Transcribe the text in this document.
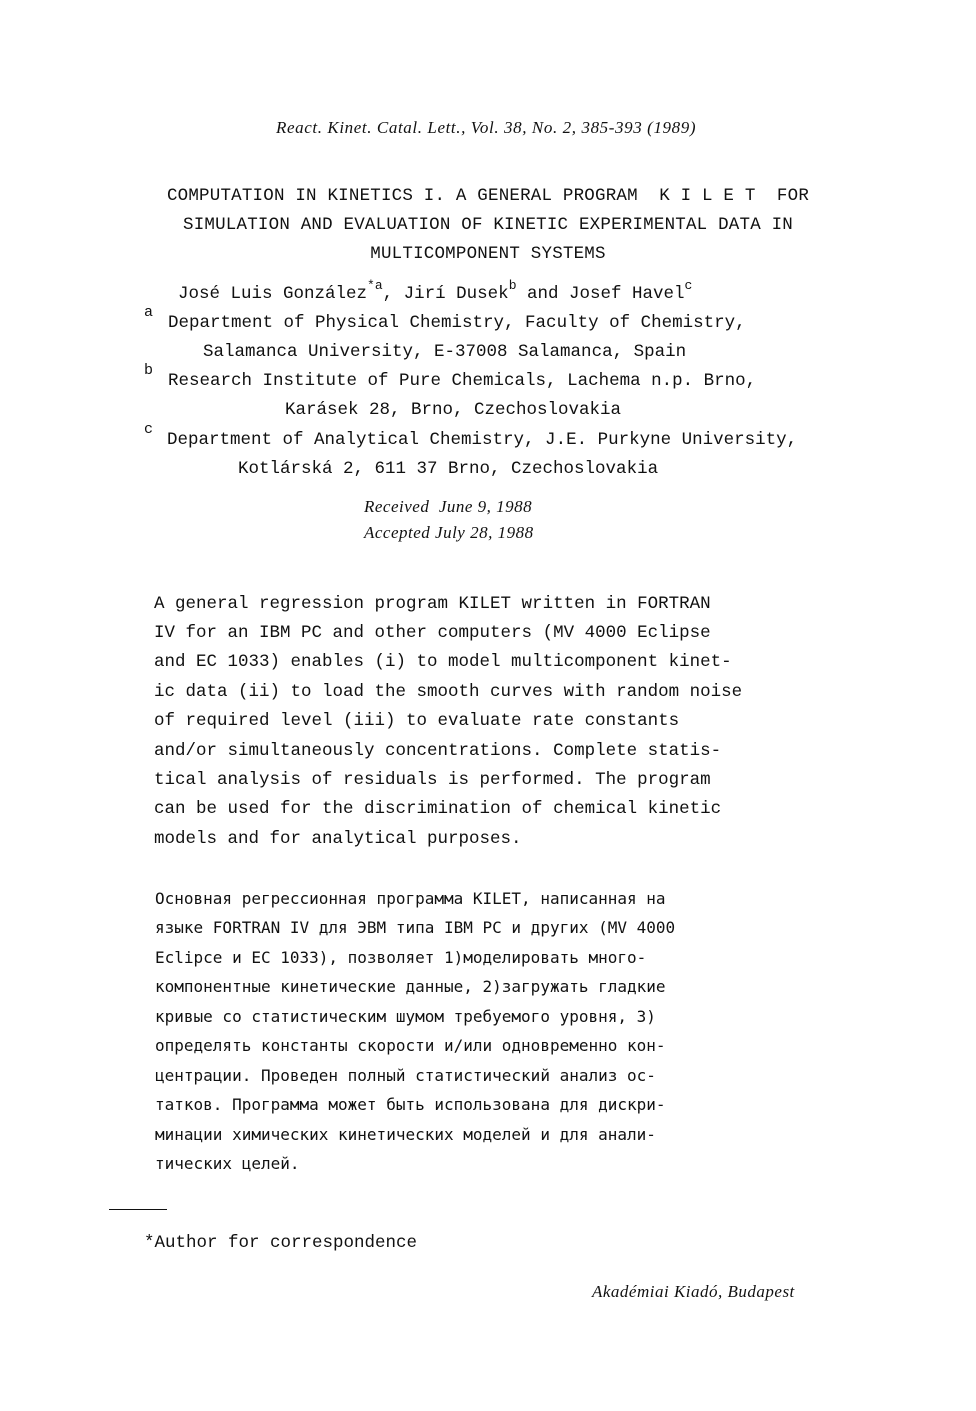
React. Kinet. Catal. Lett., Vol. 38, No. 2, 385-393 (1989)
COMPUTATION IN KINETICS I. A GENERAL PROGRAM  K I L E T  FOR
SIMULATION AND EVALUATION OF KINETIC EXPERIMENTAL DATA IN
MULTICOMPONENT SYSTEMS
José Luis González$^{*a}$, Jirí Dusek$^b$ and Josef Havel$^c$
a
Department of Physical Chemistry, Faculty of Chemistry,
Salamanca University, E-37008 Salamanca, Spain
b
Research Institute of Pure Chemicals, Lachema n.p. Brno,
Karásek 28, Brno, Czechoslovakia
c
Department of Analytical Chemistry, J.E. Purkyne University,
Kotlárská 2, 611 37 Brno, Czechoslovakia
Received  June 9, 1988
Accepted July 28, 1988
A general regression program KILET written in FORTRAN
IV for an IBM PC and other computers (MV 4000 Eclipse
and EC 1033) enables (i) to model multicomponent kinet-
ic data (ii) to load the smooth curves with random noise
of required level (iii) to evaluate rate constants
and/or simultaneously concentrations. Complete statis-
tical analysis of residuals is performed. The program
can be used for the discrimination of chemical kinetic
models and for analytical purposes.
Основная регрессионная программа KILET, написанная на
языке FORTRAN IV для ЭВМ типа IBM PC и других (MV 4000
Eclipce и EC 1033), позволяет 1)моделировать много-
компонентные кинетические данные, 2)загружать гладкие
кривые со статистическим шумом требуемого уровня, 3)
определять константы скорости и/или одновременно кон-
центрации. Проведен полный статистический анализ ос-
татков. Программа может быть использована для дискри-
минации химических кинетических моделей и для анали-
тических целей.
*Author for correspondence
Akadémiai Kiadó, Budapest
